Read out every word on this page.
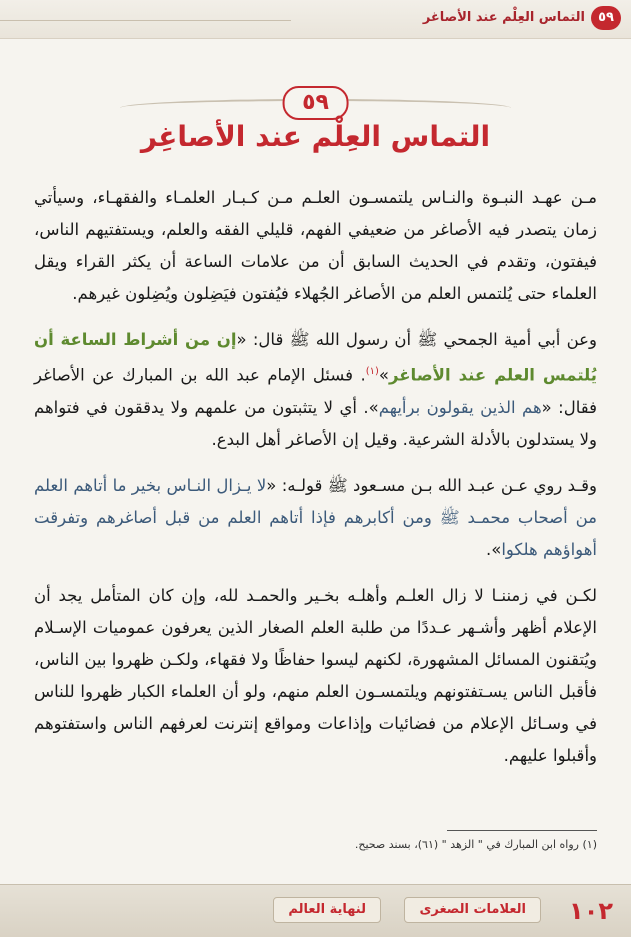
التماس العِلْم عند الأصاغر	٥٩
٥٩
التماس العِلْم عند الأصاغِر

مـن عهـد النبـوة والنـاس يلتمسـون العلـم مـن كـبـار العلمـاء والفقهـاء، وسيأتي زمان يتصدر فيه الأصاغر من ضعيفي الفهم، قليلي الفقه والعلم، ويستفتيهم الناس، فيفتون، وتقدم في الحديث السابق أن من علامات الساعة أن يكثر القراء ويقل العلماء حتى يُلتمس العلم من الأصاغر الجُهلاء فيُفتون فيَضِلون ويُضِلون غيرهم.

وعن أبي أمية الجمحي ﷺ أن رسول الله ﷺ قال: «إن من أشراط الساعة أن يُلتمس العلم عند الأصاغر»$^{(١)}$. فسئل الإمام عبد الله بن المبارك عن الأصاغر فقال: «هم الذين يقولون برأيهم». أي لا يتثبتون من علمهم ولا يدققون في فتواهم ولا يستدلون بالأدلة الشرعية. وقيل إن الأصاغر أهل البدع.

وقـد روي عـن عبـد الله بـن مسـعود ﷺ قولـه: «لا يـزال النـاس بخير ما أتاهم العلم من أصحاب محمـد ﷺ ومن أكابرهم فإذا أتاهم العلم من قبل أصاغرهم وتفرقت أهواؤهم هلكوا».

لكـن في زمننـا لا زال العلـم وأهلـه بخـير والحمـد لله، وإن كان المتأمل يجد أن الإعلام أظهر وأشـهر عـددًا من طلبة العلم الصغار الذين يعرفون عموميات الإسـلام ويُتقنون المسائل المشهورة، لكنهم ليسوا حفاظًا ولا فقهاء، ولكـن ظهروا بين الناس، فأقبل الناس يسـتفتونهم ويلتمسـون العلم منهم، ولو أن العلماء الكبار ظهروا للناس في وسـائل الإعلام من فضائيات وإذاعات ومواقع إنترنت لعرفهم الناس واستفتوهم وأقبلوا عليهم.

(١) رواه ابن المبارك في " الزهد " (٦١)، بسند صحيح.
١٠٢
العلامات الصغرى
لنهاية العالم
